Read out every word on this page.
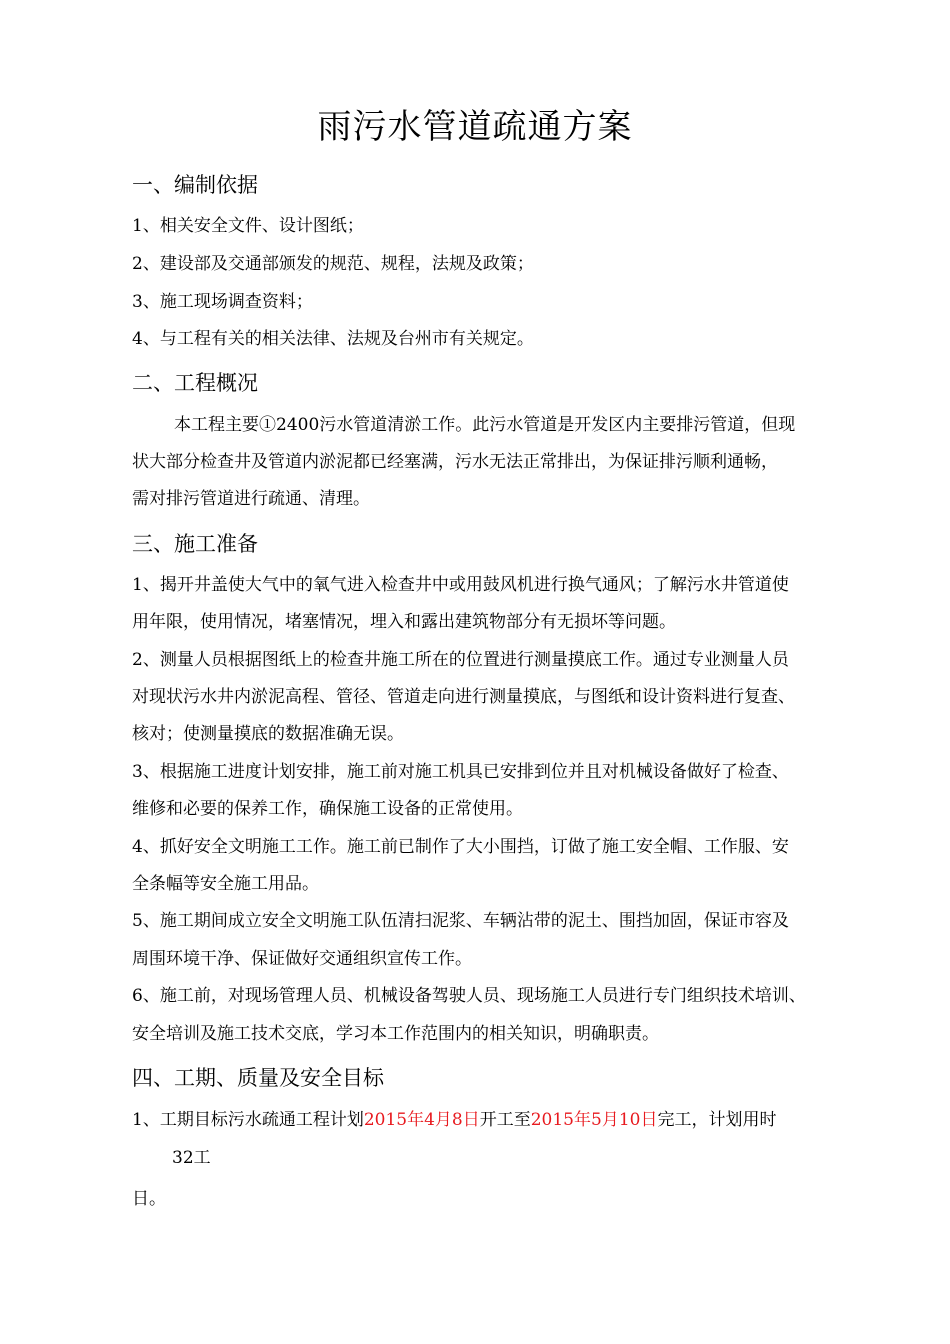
雨污水管道疏通方案
一、编制依据
1、相关安全文件、设计图纸；
2、建设部及交通部颁发的规范、规程，法规及政策；
3、施工现场调查资料；
4、与工程有关的相关法律、法规及台州市有关规定。
二、工程概况
本工程主要①2400污水管道清淤工作。此污水管道是开发区内主要排污管道，但现
状大部分检查井及管道内淤泥都已经塞满，污水无法正常排出，为保证排污顺利通畅，
需对排污管道进行疏通、清理。
三、施工准备
1、揭开井盖使大气中的氧气进入检查井中或用鼓风机进行换气通风；了解污水井管道使
用年限，使用情况，堵塞情况，埋入和露出建筑物部分有无损坏等问题。
2、测量人员根据图纸上的检查井施工所在的位置进行测量摸底工作。通过专业测量人员
对现状污水井内淤泥高程、管径、管道走向进行测量摸底，与图纸和设计资料进行复查、
核对；使测量摸底的数据准确无误。
3、根据施工进度计划安排，施工前对施工机具已安排到位并且对机械设备做好了检查、
维修和必要的保养工作，确保施工设备的正常使用。
4、抓好安全文明施工工作。施工前已制作了大小围挡，订做了施工安全帽、工作服、安
全条幅等安全施工用品。
5、施工期间成立安全文明施工队伍清扫泥浆、车辆沾带的泥土、围挡加固，保证市容及
周围环境干净、保证做好交通组织宣传工作。
6、施工前，对现场管理人员、机械设备驾驶人员、现场施工人员进行专门组织技术培训、
安全培训及施工技术交底，学习本工作范围内的相关知识，明确职责。
四、工期、质量及安全目标
1、工期目标污水疏通工程计划2015年4月8日开工至2015年5月10日完工，计划用时
32工
日。
